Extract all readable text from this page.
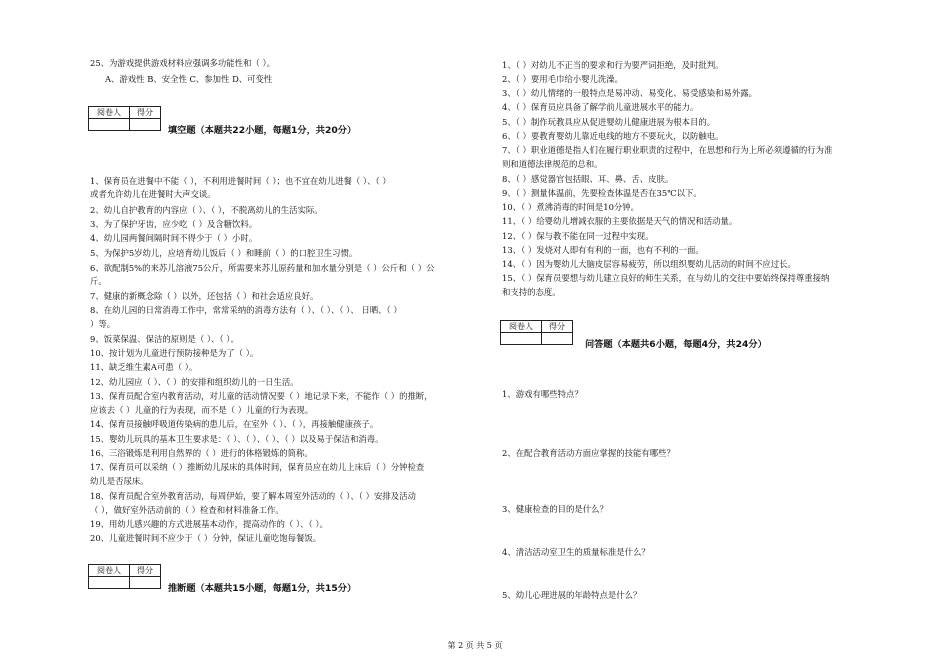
25、为游戏提供游戏材料应强调多功能性和（ ）。
A、游戏性 B、安全性 C、参加性 D、可变性
阅卷人	得分

填空题（本题共22小题，每题1分，共20分）
1、保育员在进餐中不能（ ），不利用进餐时间（ ）；也不宜在幼儿进餐（ ）、（ ）
或者允许幼儿在进餐时大声交谈。
2、幼儿自护教育的内容应（ ）、（ ），不脱离幼儿的生活实际。
3、为了保护牙齿，应少吃（ ）及含糖饮料。
4、幼儿园两餐间隔时间不得少于（ ）小时。
5、为保护5岁幼儿，应培育幼儿饭后（ ）和睡前（ ）的口腔卫生习惯。
6、欲配制5%的来苏儿溶液75公斤，所需要来苏儿原药量和加水量分别是（ ）公斤和（ ）公
斤。
7、健康的新概念除（ ）以外，还包括（ ）和社会适应良好。
8、在幼儿园的日常消毒工作中，常常采纳的消毒方法有（ ）、（ ）、（ ）、 日晒、（ ）
）等。
9、饭菜保温、保洁的原则是（ ）、（ ）。
10、按计划为儿童进行预防接种是为了（ ）。
11、缺乏维生素A可患（ ）。
12、幼儿园应（ ）、（ ）的安排和组织幼儿的一日生活。
13、保育员配合室内教育活动，对儿童的活动情况要（ ）地记录下来，不能作（ ）的推断，
应该去（ ）儿童的行为表现，而不是（ ）儿童的行为表现。
14、保育员接触呼吸道传染病的患儿后，在室外（ ）、（ ），再接触健康孩子。
15、婴幼儿玩具的基本卫生要求是：（ ）、（ ）、（ ）、（ ）以及易于保洁和消毒。
16、三浴锻炼是利用自然界的（ ）进行的体格锻炼的简称。
17、保育员可以采纳（ ）推断幼儿尿床的具体时间，保育员应在幼儿上床后（ ）分钟检查
幼儿是否尿床。
18、保育员配合室外教育活动，每周伊始，要了解本周室外活动的（ ）、（ ）安排及活动
（ ），做好室外活动前的（ ）检查和材料准备工作。
19、用幼儿感兴趣的方式进展基本动作，提高动作的（ ）、（ ）。
20、儿童进餐时间不应少于（ ）分钟，保证儿童吃饱每餐饭。
阅卷人	得分

推断题（本题共15小题，每题1分，共15分）
1、（ ）对幼儿不正当的要求和行为要严词拒绝，及时批判。
2、（ ）要用毛巾给小婴儿洗澡。
3、（ ）幼儿情绪的一般特点是易冲动、易变化、易受感染和易外露。
4、（ ）保育员应具备了解学前儿童进展水平的能力。
5、（ ）制作玩教具应从促进婴幼儿健康进展为根本目的。
6、（ ）要教育婴幼儿靠近电线的地方不要玩火，以防触电。
7、（ ）职业道德是指人们在履行职业职责的过程中，在思想和行为上所必须遵循的行为准
则和道德法律规范的总和。
8、（ ）感觉器官包括眼、耳、鼻、舌、皮肤。
9、（ ）测量体温前，先要检查体温是否在35℃以下。
10、（ ）煮沸消毒的时间是10分钟。
11、（ ）给婴幼儿增减衣服的主要依据是天气的情况和活动量。
12、（ ）保与教不能在同一过程中实现。
13、（ ）发烧对人即有有利的一面，也有不利的一面。
14、（ ）因为婴幼儿大脑皮层容易疲劳，所以组织婴幼儿活动的时间不应过长。
15、（ ）保育员要想与幼儿建立良好的师生关系，在与幼儿的交往中要始终保持尊重接纳
和支持的态度。
阅卷人	得分

问答题（本题共6小题，每题4分，共24分）
1、游戏有哪些特点？
2、在配合教育活动方面应掌握的技能有哪些？
3、健康检查的目的是什么？
4、清洁活动室卫生的质量标准是什么？
5、幼儿心理进展的年龄特点是什么？
第 2 页 共 5 页
